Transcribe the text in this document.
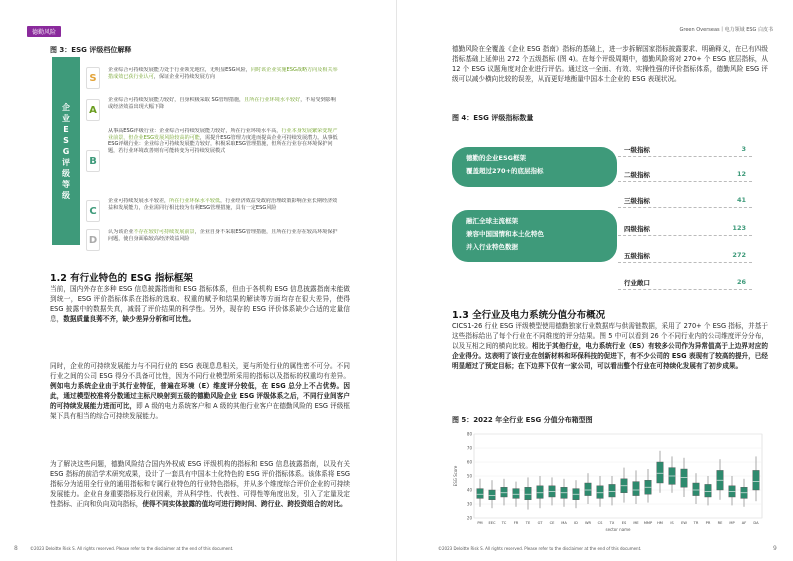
德勤风险
图 3：ESG 评级档位解释
企
业
E
S
G
评
级
等
级
S
企业综合可持续发展能力处于行业领先地位，无明显ESG风险，同时该企业实施ESG战略方向及相关举措成效已获行业认可，保证企业可持续发展方向
A
企业综合可持续发展能力较好，自身积极采取 SG管理措施，且所在行业环境水平较好，不易受到影响或经济效益出现大幅下降
B
从事高ESG评级行业：企业综合可持续发展能力较好，所在行业环境水平高，行业本身发展繁荣变现产业前景，但企业ESG发展风险较高的可能，需提升ESG管理力度进而提高企业可持续发展潜力。从事低ESG评级行业：企业综合可持续发展能力较好，积极采取ESG管理措施，但所在行业存在环境保护问题，若行业环境改善则有可能转变为可持续发展模式
C
企业可持续发展水平较差，所在行业环保水平较低，行业经济效益受政府治理政策影响企业长期经济效益和发展能力，企业需同行相比较为有利ESG管理措施，具有一定ESG风险
D
认为该企业不存在较好可持续发展前景，企业自身不采取ESG管理措施，且所在行业存在较高环境保护问题，使自身面临较高经济效益风险
1.2 有行业特色的 ESG 指标框架
当前，国内外存在多种 ESG 信息披露指南和 ESG 指标体系，但由于各机构 ESG 信息披露指南未能做到统一，ESG 评价指标体系在指标的选取、权重的赋予和结果的解读等方面均存在很大差异，使得 ESG 披露中的数据失真，减弱了评价结果的科学性。另外，现存的 ESG 评价体系缺少合适的定量信息，数据质量良莠不齐，缺少差异分析和可比性。
同时，企业的可持续发展能力与不同行业的 ESG 表现息息相关，更与所处行业的属性密不可分。不同行业之间的公司 ESG 得分不具备可比性，因为不同行业模型所采用的指标以及指标的权重均有差异。例如电力系统企业由于其行业特征，普遍在环境（E）维度评分较低，在 ESG 总分上不占优势。因此，通过模型校准将分数通过主标尺映射到五级的德勤风险企业 ESG 评级体系之后，不同行业间客户的可持续发展能力进而可比，即 A 级的电力系统客户和 A 级的其他行业客户在德勤风险的 ESG 评级框架下具有相当的综合可持续发展能力。
为了解决这些问题，德勤风险结合国内外权威 ESG 评级机构的指标和 ESG 信息披露指南，以及有关 ESG 指标的前沿学术研究成果，设计了一套具有中国本土化特色的 ESG 评价指标体系。该体系将 ESG 指标分为适用全行业的通用指标和专属行业特色的行业特色指标，并从多个维度综合评价企业的可持续发展能力。企业自身重要指标及行业因素，并从科学性、代表性、可得性等角度出发，引入了定量及定性指标、正向和负向双向指标，使得不同实体披露的值均可进行跨时间、跨行业、跨投资组合的对比。
8	©2023 Deloitte Risk S. All rights reserved. Please refer to the disclaimer at the end of this document.
Green Overseas丨电力领域 ESG 白皮书
德勤风险在全覆盖《企业 ESG 指南》指标的基础上，进一步拆解国家指标披露要求、明确释义，在已有四级指标基础上延伸出 272 个五级指标 (图 4)。在每个评级周期中，德勤风险将对 270+ 个 ESG 底层指标，从 12 个 ESG 议题角度对企业进行评估。通过这一全面、有效、实操性强的评价指标体系，德勤风险 ESG 评级可以减少横向比较的误差，从而更好地衡量中国本土企业的 ESG 表现状况。
图 4：ESG 评级指标数量
德勤的企业ESG框架
覆盖超过270+的底层指标
融汇全球主流框架
兼容中国国情和本土化特色
并入行业特色数据
一级指标	3
二级指标	12
三级指标	41
四级指标	123
五级指标	272
行业敞口	26
1.3 全行业及电力系统分值分布概况
CICS1-26 行业 ESG 评级模型使用德勤独家行业数据库与供需链数据，采用了 270+ 个 ESG 指标，并基于这些指标给出了每个行业在不同维度的评分结果。图 5 中可以看到 26 个不同行业内的公司维度评分分布，以及互相之间的横向比较。相比于其他行业，电力系统行业（ES）有较多公司作为异常值高于上边界对应的企业得分。这表明了该行业在创新材料和环保科技的促进下，有不少公司的 ESG 表现有了较高的提升，已经明显超过了预定目标；在下边界下仅有一家公司，可以看出整个行业在可持续化发展有了初步成果。
图 5：2022 年全行业 ESG 分值分布箱型图
20
30
40
50
60
70
80
PM EEC TC FR TE GT CE MA ID WR CS TX ES ME MMP HM IS EW TR PR RE MP AF DA
sector name
ESG Score
9
©2023 Deloitte Risk S. All rights reserved. Please refer to the disclaimer at the end of this document.
